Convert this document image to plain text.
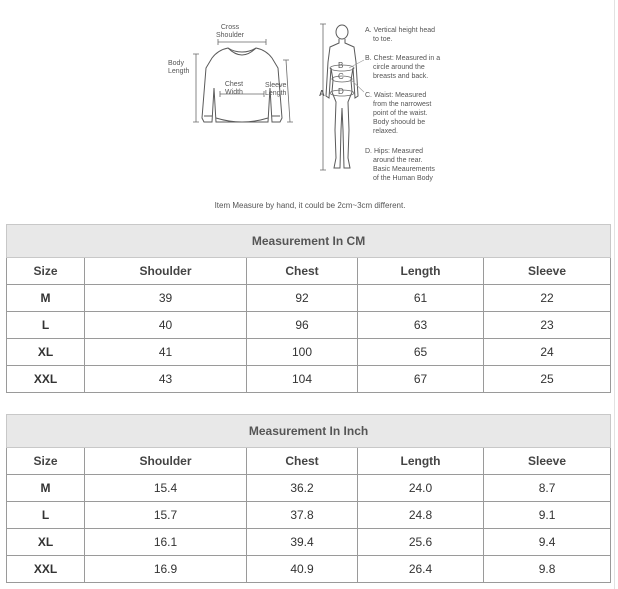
Cross
Shoulder
Body
Length
Chest
Width
Sleeve
Length	A
B
C
D
A. Vertical height head
to toe.
B. Chest: Measured in a
circle around the
breasts and back.
C. Waist: Measured
from the narrowest
point of the waist.
Body shoould be
relaxed.
D. Hips: Measured
around the rear.
Basic Meaurements
of the Human Body
Item Measure by hand, it could be 2cm~3cm different.
Measurement In CM				
Size	Shoulder	Chest	Length	Sleeve
M	39	92	61	22
L	40	96	63	23
XL	41	100	65	24
XXL	43	104	67	25
Measurement In Inch				
Size	Shoulder	Chest	Length	Sleeve
M	15.4	36.2	24.0	8.7
L	15.7	37.8	24.8	9.1
XL	16.1	39.4	25.6	9.4
XXL	16.9	40.9	26.4	9.8
